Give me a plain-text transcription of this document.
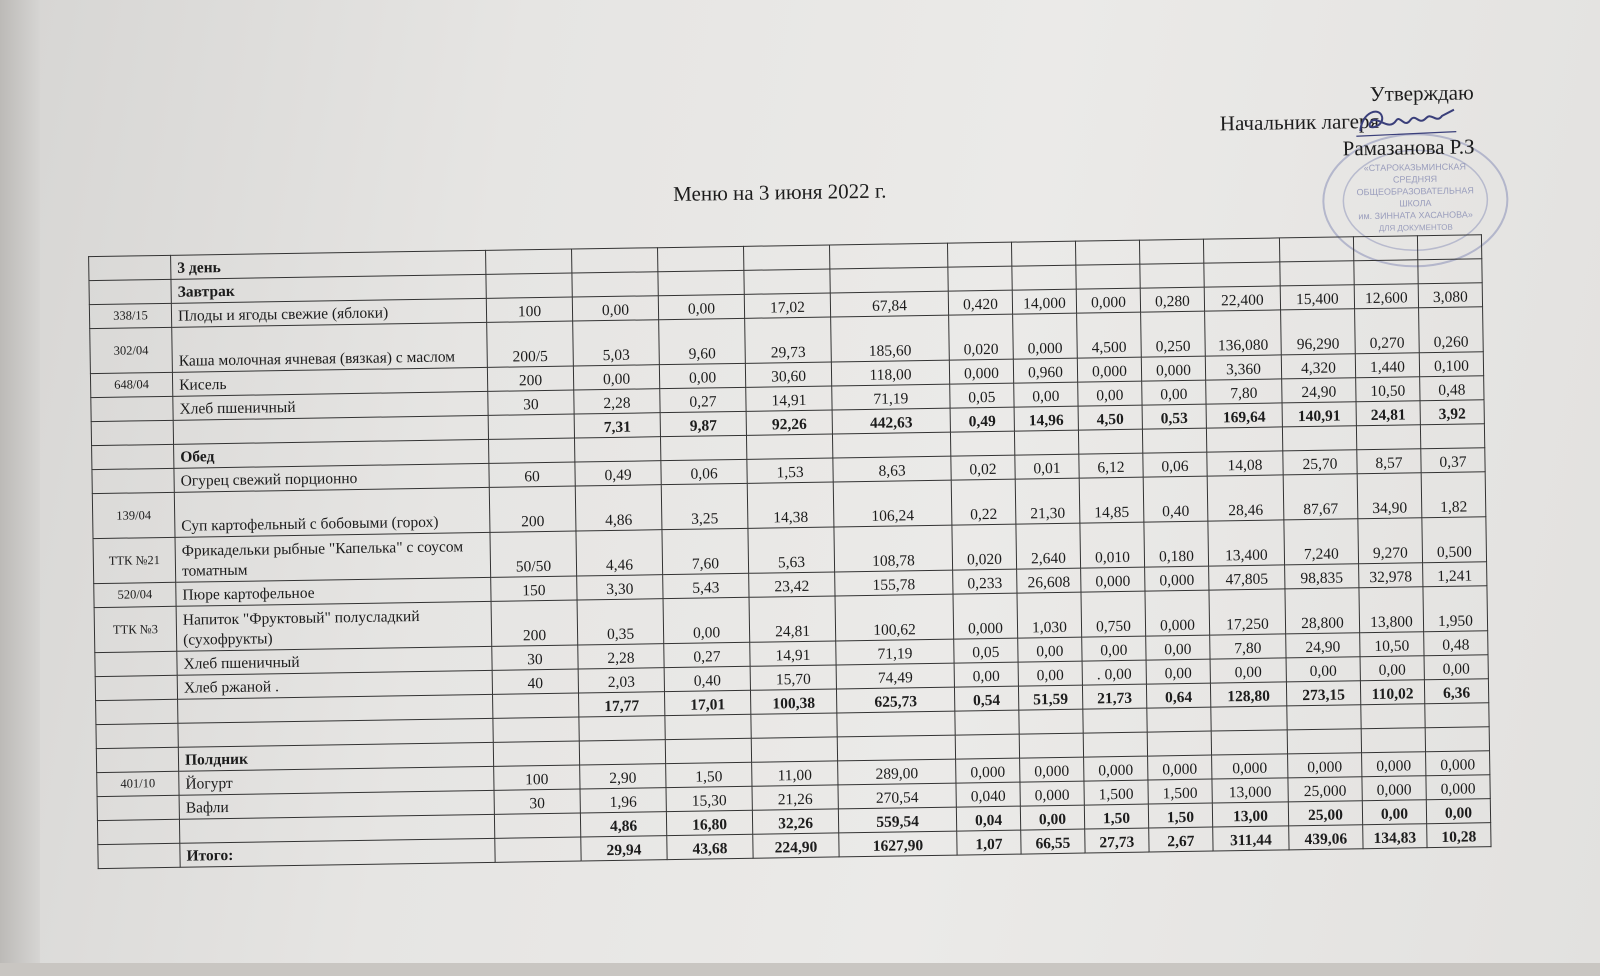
«СТАРОКАЗЬМИНСКАЯ
СРЕДНЯЯ
ОБЩЕОБРАЗОВАТЕЛЬНАЯ
ШКОЛА
им. ЗИННАТА ХАСАНОВА»
ДЛЯ ДОКУМЕНТОВ
Утверждаю
Начальник лагеря
Рамазанова Р.З
Меню на 3 июня 2022 г.
	3 день													
	Завтрак													
338/15	Плоды и ягоды свежие (яблоки)	100	0,00	0,00	17,02	67,84	0,420	14,000	0,000	0,280	22,400	15,400	12,600	3,080
302/04	Каша молочная ячневая (вязкая) с маслом	200/5	5,03	9,60	29,73	185,60	0,020	0,000	4,500	0,250	136,080	96,290	0,270	0,260
648/04	Кисель	200	0,00	0,00	30,60	118,00	0,000	0,960	0,000	0,000	3,360	4,320	1,440	0,100
	Хлеб пшеничный	30	2,28	0,27	14,91	71,19	0,05	0,00	0,00	0,00	7,80	24,90	10,50	0,48
			7,31	9,87	92,26	442,63	0,49	14,96	4,50	0,53	169,64	140,91	24,81	3,92
	Обед													
	Огурец свежий порционно	60	0,49	0,06	1,53	8,63	0,02	0,01	6,12	0,06	14,08	25,70	8,57	0,37
139/04	Суп картофельный с бобовыми (горох)	200	4,86	3,25	14,38	106,24	0,22	21,30	14,85	0,40	28,46	87,67	34,90	1,82
ТТК №21	Фрикадельки рыбные "Капелька" с соусом томатным	50/50	4,46	7,60	5,63	108,78	0,020	2,640	0,010	0,180	13,400	7,240	9,270	0,500
520/04	Пюре картофельное	150	3,30	5,43	23,42	155,78	0,233	26,608	0,000	0,000	47,805	98,835	32,978	1,241
ТТК №3	Напиток "Фруктовый" полусладкий (сухофрукты)	200	0,35	0,00	24,81	100,62	0,000	1,030	0,750	0,000	17,250	28,800	13,800	1,950
	Хлеб пшеничный	30	2,28	0,27	14,91	71,19	0,05	0,00	0,00	0,00	7,80	24,90	10,50	0,48
	Хлеб ржаной .	40	2,03	0,40	15,70	74,49	0,00	0,00	. 0,00	0,00	0,00	0,00	0,00	0,00
			17,77	17,01	100,38	625,73	0,54	51,59	21,73	0,64	128,80	273,15	110,02	6,36

	Полдник													
401/10	Йогурт	100	2,90	1,50	11,00	289,00	0,000	0,000	0,000	0,000	0,000	0,000	0,000	0,000
	Вафли	30	1,96	15,30	21,26	270,54	0,040	0,000	1,500	1,500	13,000	25,000	0,000	0,000
			4,86	16,80	32,26	559,54	0,04	0,00	1,50	1,50	13,00	25,00	0,00	0,00
	Итого:		29,94	43,68	224,90	1627,90	1,07	66,55	27,73	2,67	311,44	439,06	134,83	10,28
